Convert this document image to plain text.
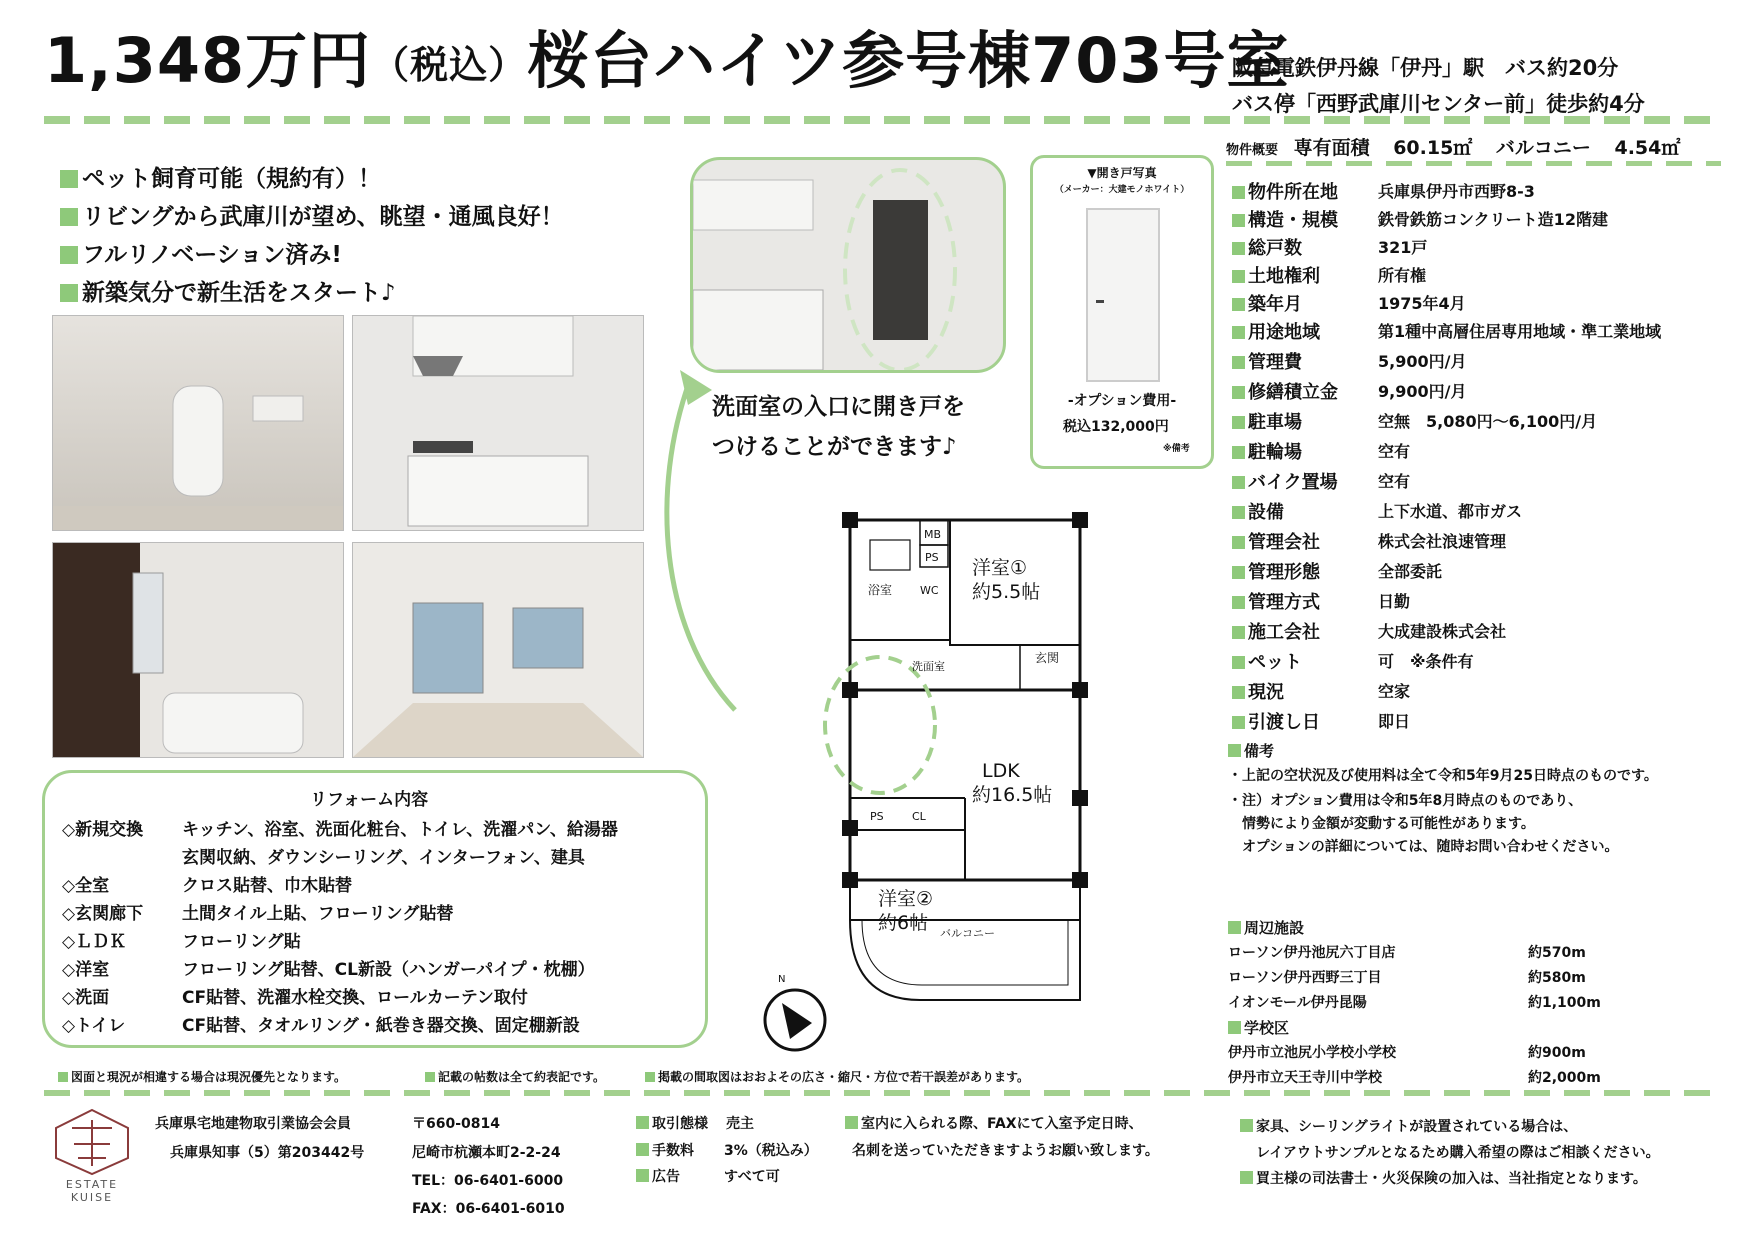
1,348万円（税込）桜台ハイツ参号棟703号室
阪急電鉄伊丹線「伊丹」駅　バス約20分
バス停「西野武庫川センター前」徒歩約4分
ペット飼育可能（規約有）！
リビングから武庫川が望め、眺望・通風良好！
フルリノベーション済み!
新築気分で新生活をスタート♪
洗面室の入口に開き戸を
つけることができます♪
▼開き戸写真
（メーカー：大建モノホワイト）
-オプション費用-
税込132,000円
※備考
洋室①
約5.5帖
LDK
約16.5帖
洋室②
約6帖
浴室	WC
MB
PS
PS
洗面室
玄関
CL
バルコニー
N
リフォーム内容
◇新規交換 キッチン、浴室、洗面化粧台、トイレ、洗濯パン、給湯器
玄関収納、ダウンシーリング、インターフォン、建具
◇全室	クロス貼替、巾木貼替
◇玄関廊下 土間タイル上貼、フローリング貼替
◇ＬＤＫ	フローリング貼
◇洋室	フローリング貼替、CL新設（ハンガーパイプ・枕棚）
◇洗面	CF貼替、洗濯水栓交換、ロールカーテン取付
◇トイレ	CF貼替、タオルリング・紙巻き器交換、固定棚新設
物件概要 専有面積 60.15㎡ バルコニー 4.54㎡
物件所在地	兵庫県伊丹市西野8-3
構造・規模	鉄骨鉄筋コンクリート造12階建
総戸数	321戸
土地権利	所有権
築年月	1975年4月
用途地域	第1種中高層住居専用地域・準工業地域
管理費	5,900円/月
修繕積立金	9,900円/月
駐車場	空無　5,080円～6,100円/月
駐輪場	空有
バイク置場	空有
設備	上下水道、都市ガス
管理会社	株式会社浪速管理
管理形態	全部委託
管理方式	日勤
施工会社	大成建設株式会社
ペット	可　※条件有
現況	空家
引渡し日	即日
備考
・上記の空状況及び使用料は全て令和5年9月25日時点のものです。
・注）オプション費用は令和5年8月時点のものであり、
　情勢により金額が変動する可能性があります。
　オプションの詳細については、随時お問い合わせください。
周辺施設
ローソン伊丹池尻六丁目店	約570m
ローソン伊丹西野三丁目	約580m
イオンモール伊丹昆陽	約1,100m
学校区
伊丹市立池尻小学校小学校	約900m
伊丹市立天王寺川中学校	約2,000m
図面と現況が相違する場合は現況優先となります。	記載の帖数は全て約表記です。	掲載の間取図はおおよその広さ・縮尺・方位で若干誤差があります。
ESTATE
KUISE
兵庫県宅地建物取引業協会会員
兵庫県知事（5）第203442号
〒660-0814
尼崎市杭瀬本町2-2-24
TEL：06-6401-6000
FAX：06-6401-6010
取引態様 売主
手数料 3%（税込み）
広告	すべて可
室内に入られる際、FAXにて入室予定日時、
名刺を送っていただきますようお願い致します。
家具、シーリングライトが設置されている場合は、
レイアウトサンプルとなるため購入希望の際はご相談ください。
買主様の司法書士・火災保険の加入は、当社指定となります。
